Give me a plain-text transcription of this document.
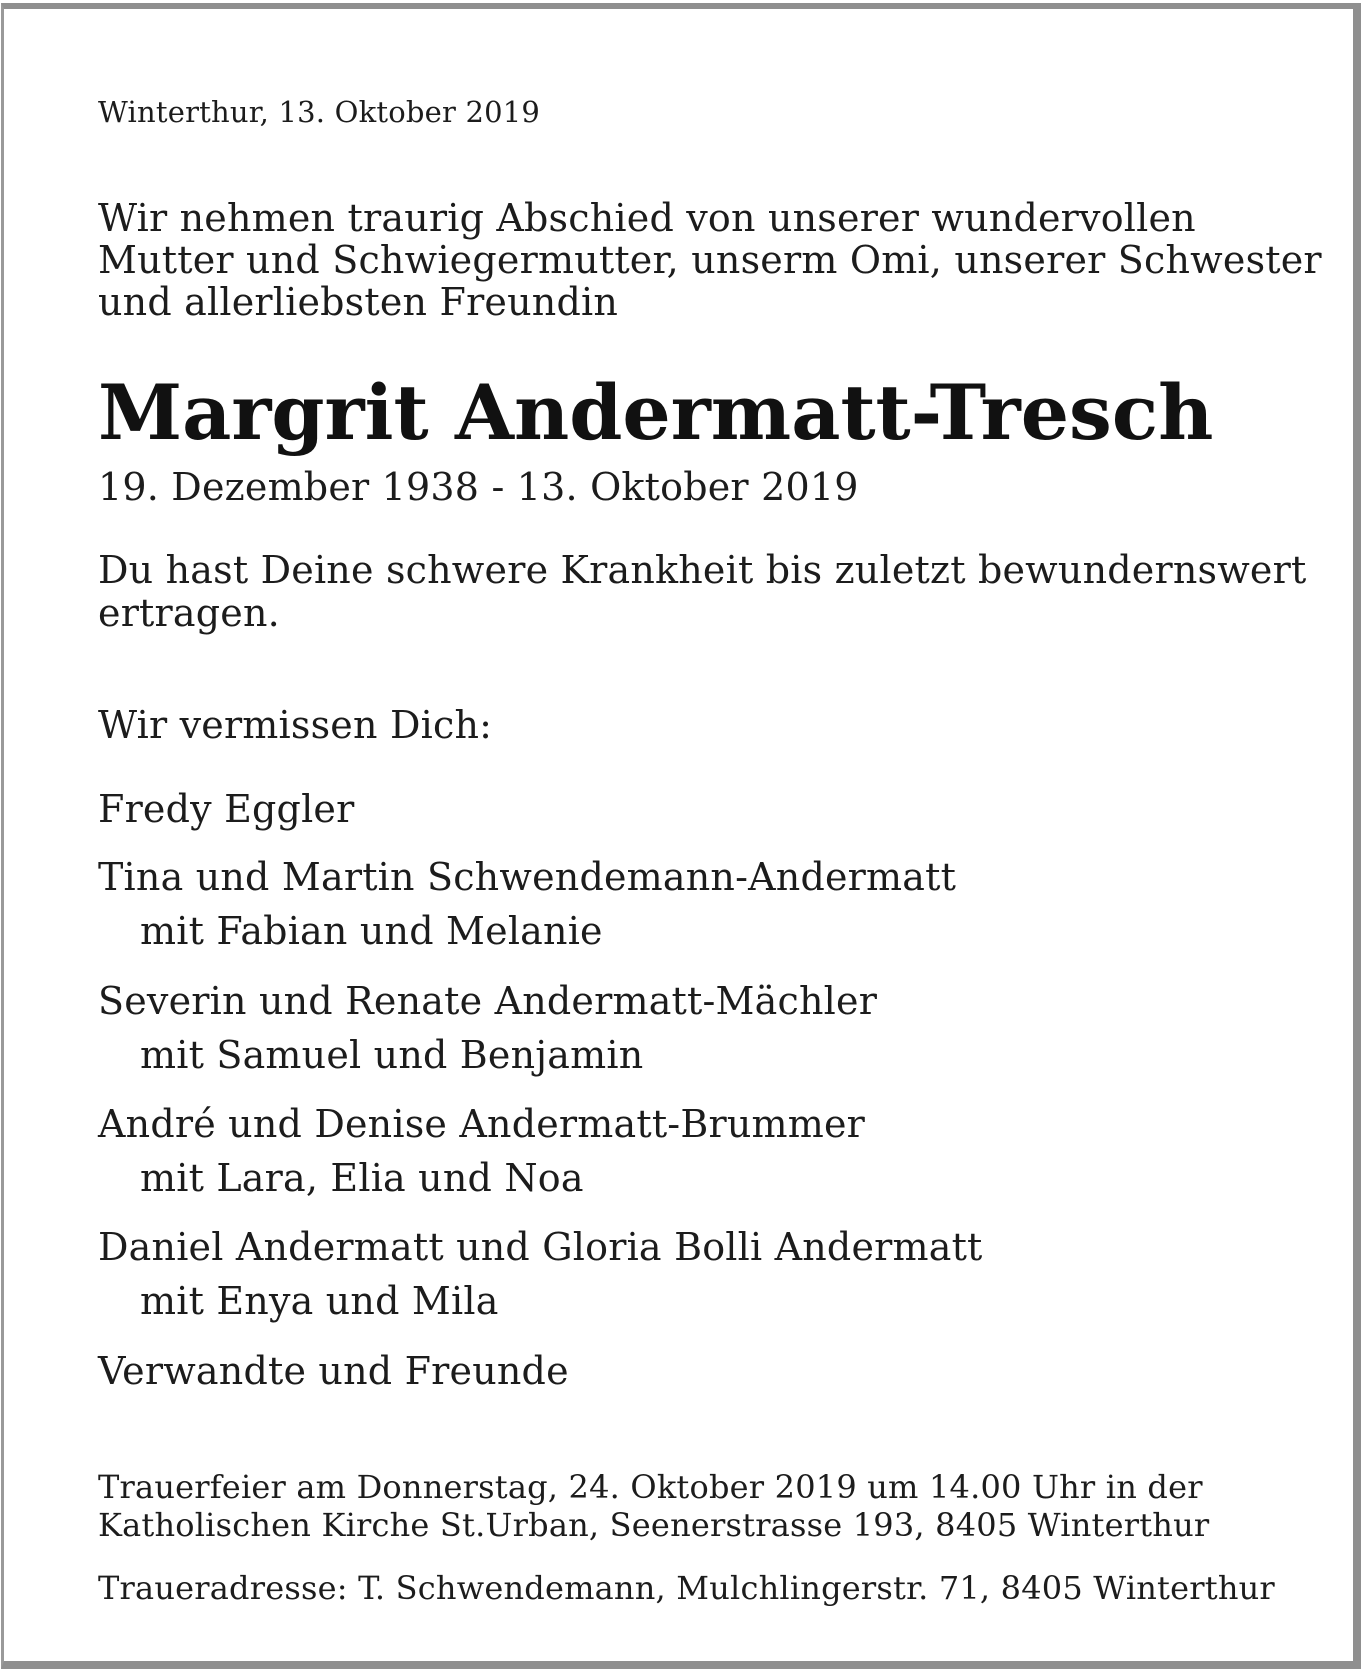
Winterthur, 13. Oktober 2019
Wir nehmen traurig Abschied von unserer wundervollen
Mutter und Schwiegermutter, unserm Omi, unserer Schwester
und allerliebsten Freundin
Margrit Andermatt-Tresch
19. Dezember 1938 - 13. Oktober 2019
Du hast Deine schwere Krankheit bis zuletzt bewundernswert
ertragen.
Wir vermissen Dich:
Fredy Eggler
Tina und Martin Schwendemann-Andermatt
mit Fabian und Melanie
Severin und Renate Andermatt-Mächler
mit Samuel und Benjamin
André und Denise Andermatt-Brummer
mit Lara, Elia und Noa
Daniel Andermatt und Gloria Bolli Andermatt
mit Enya und Mila
Verwandte und Freunde
Trauerfeier am Donnerstag, 24. Oktober 2019 um 14.00 Uhr in der
Katholischen Kirche St.Urban, Seenerstrasse 193, 8405 Winterthur
Traueradresse: T. Schwendemann, Mulchlingerstr. 71, 8405 Winterthur
